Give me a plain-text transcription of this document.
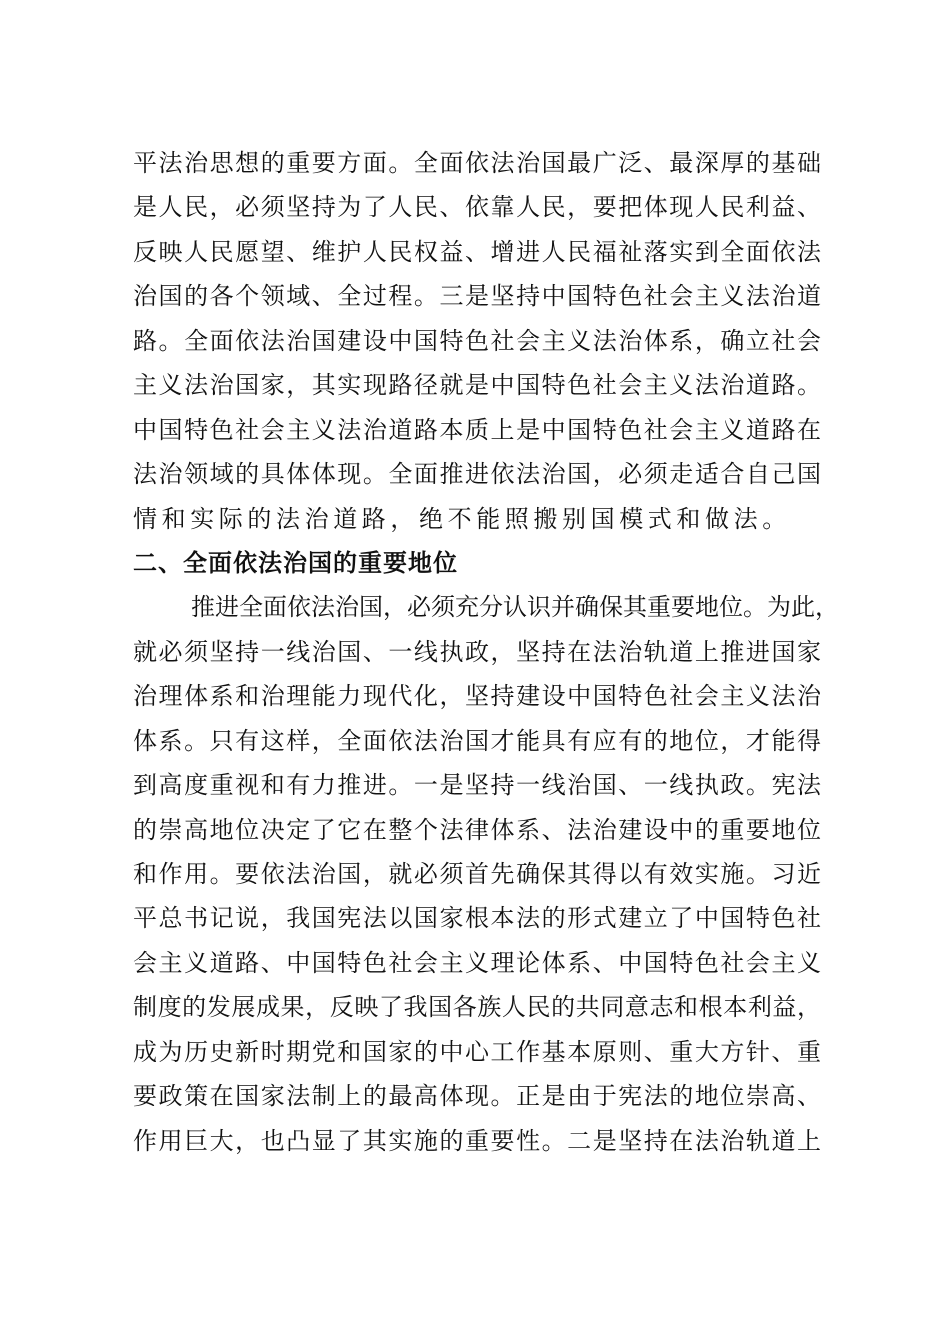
平法治思想的重要方面。全面依法治国最广泛、最深厚的基础
是人民，必须坚持为了人民、依靠人民，要把体现人民利益、
反映人民愿望、维护人民权益、增进人民福祉落实到全面依法
治国的各个领域、全过程。三是坚持中国特色社会主义法治道
路。全面依法治国建设中国特色社会主义法治体系，确立社会
主义法治国家，其实现路径就是中国特色社会主义法治道路。
中国特色社会主义法治道路本质上是中国特色社会主义道路在
法治领域的具体体现。全面推进依法治国，必须走适合自己国
情和实际的法治道路，绝不能照搬别国模式和做法。
二、全面依法治国的重要地位
推进全面依法治国，必须充分认识并确保其重要地位。为此，
就必须坚持一线治国、一线执政，坚持在法治轨道上推进国家
治理体系和治理能力现代化，坚持建设中国特色社会主义法治
体系。只有这样，全面依法治国才能具有应有的地位，才能得
到高度重视和有力推进。一是坚持一线治国、一线执政。宪法
的崇高地位决定了它在整个法律体系、法治建设中的重要地位
和作用。要依法治国，就必须首先确保其得以有效实施。习近
平总书记说，我国宪法以国家根本法的形式建立了中国特色社
会主义道路、中国特色社会主义理论体系、中国特色社会主义
制度的发展成果，反映了我国各族人民的共同意志和根本利益，
成为历史新时期党和国家的中心工作基本原则、重大方针、重
要政策在国家法制上的最高体现。正是由于宪法的地位崇高、
作用巨大，也凸显了其实施的重要性。二是坚持在法治轨道上
